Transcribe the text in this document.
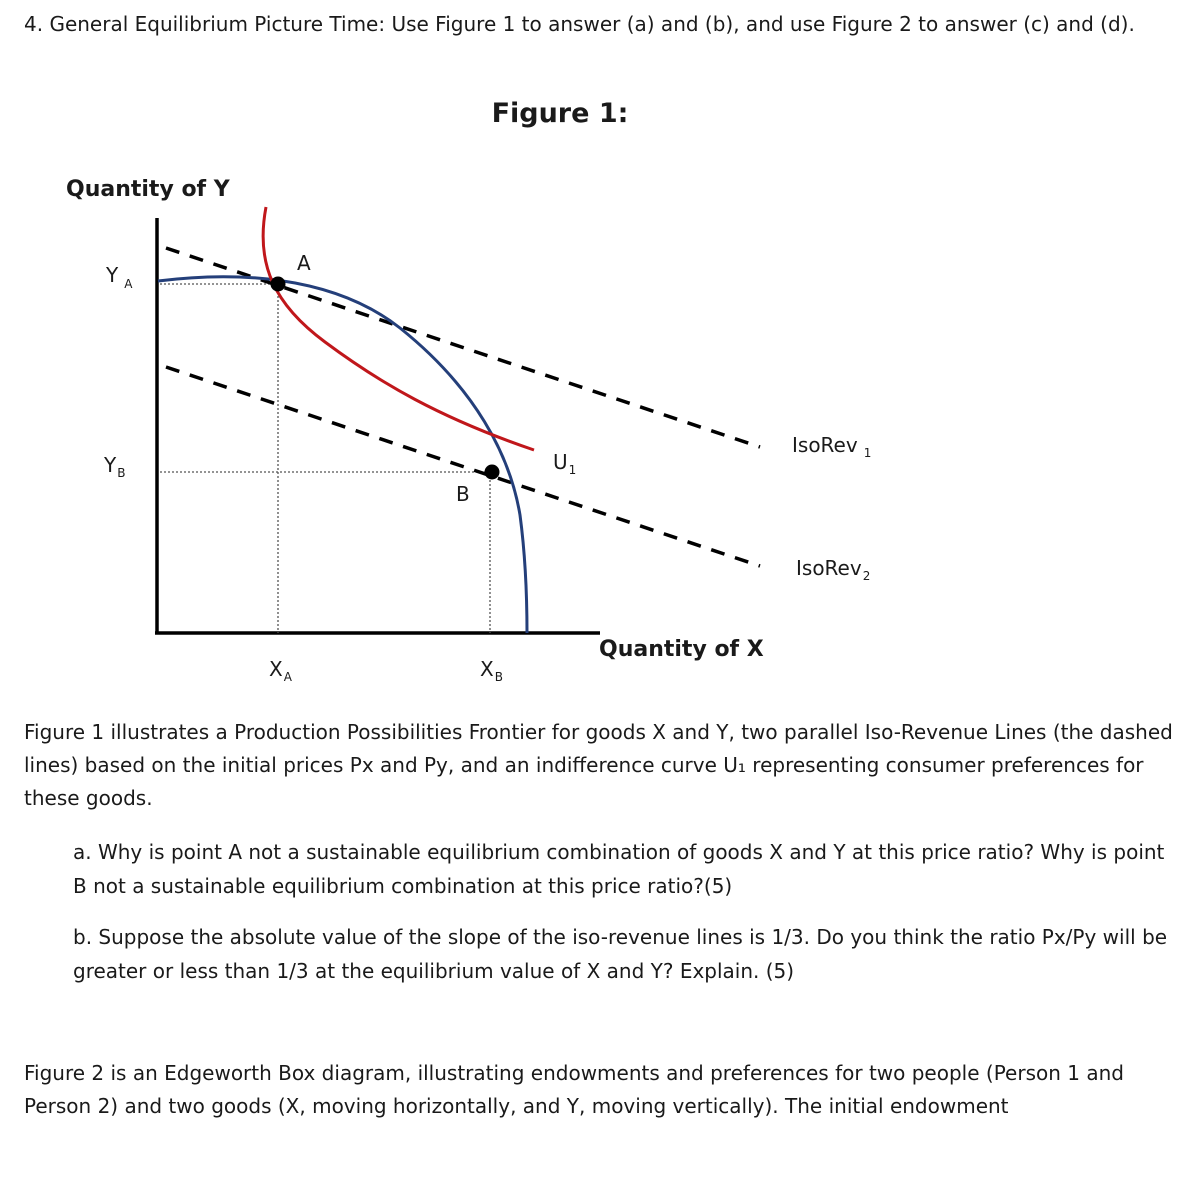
4. General Equilibrium Picture Time: Use Figure 1 to answer (a) and (b), and use Figure 2 to answer (c) and (d).

Figure 1:
Quantity of Y
A
B
Y $_A$
$Y_B$
$X_A$	$X_B$
$U_1$
IsoRev $_1$
IsoRev$_2$
Quantity of X

Figure 1 illustrates a Production Possibilities Frontier for goods X and Y, two parallel Iso-Revenue Lines (the dashed lines) based on the initial prices Px and Py, and an indifference curve U₁ representing consumer preferences for these goods.

a. Why is point A not a sustainable equilibrium combination of goods X and Y at this price ratio? Why is point B not a sustainable equilibrium combination at this price ratio?(5)

b. Suppose the absolute value of the slope of the iso-revenue lines is 1/3. Do you think the ratio Px/Py will be greater or less than 1/3 at the equilibrium value of X and Y? Explain. (5)

Figure 2 is an Edgeworth Box diagram, illustrating endowments and preferences for two people (Person 1 and Person 2) and two goods (X, moving horizontally, and Y, moving vertically). The initial endowment
